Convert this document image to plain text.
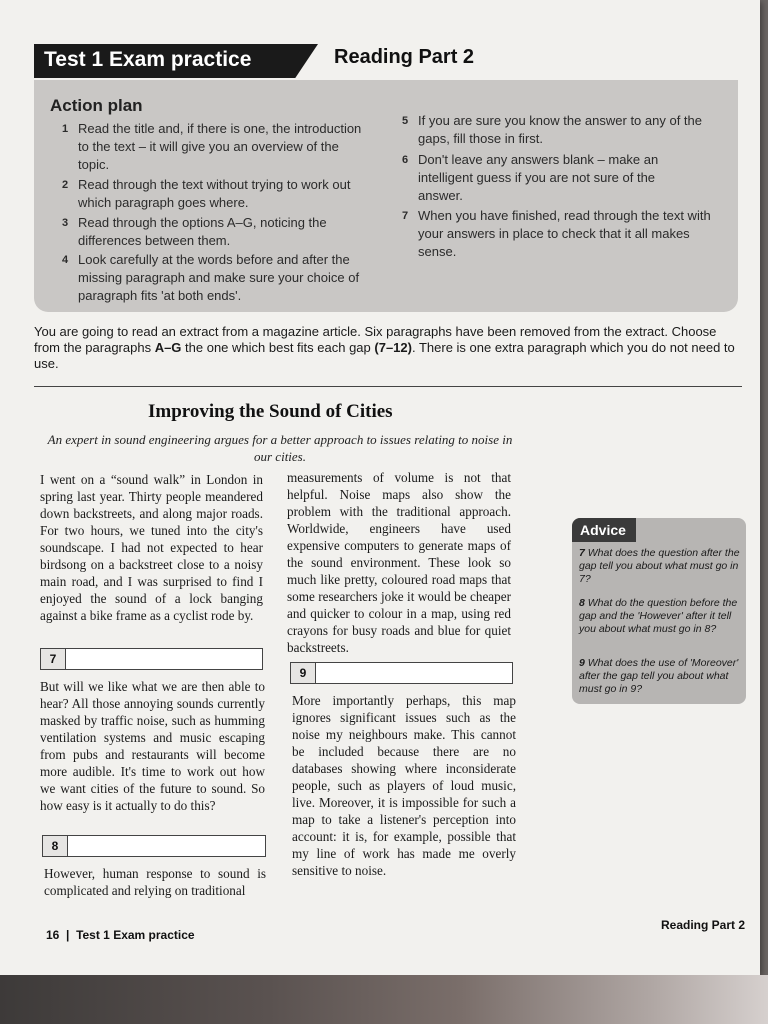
Test 1 Exam practice	Reading Part 2
Action plan
1 Read the title and, if there is one, the introduction to the text – it will give you an overview of the topic.
2 Read through the text without trying to work out which paragraph goes where.
3 Read through the options A–G, noticing the differences between them.
4 Look carefully at the words before and after the missing paragraph and make sure your choice of paragraph fits 'at both ends'.
5 If you are sure you know the answer to any of the gaps, fill those in first.
6 Don't leave any answers blank – make an intelligent guess if you are not sure of the answer.
7 When you have finished, read through the text with your answers in place to check that it all makes sense.
You are going to read an extract from a magazine article. Six paragraphs have been removed from the extract. Choose from the paragraphs A–G the one which best fits each gap (7–12). There is one extra paragraph which you do not need to use.
Improving the Sound of Cities
An expert in sound engineering argues for a better approach to issues relating to noise in our cities.

I went on a “sound walk” in London in spring last year. Thirty people meandered down backstreets, and along major roads. For two hours, we tuned into the city's soundscape. I had not expected to hear birdsong on a backstreet close to a noisy main road, and I was surprised to find I enjoyed the sound of a lock banging against a bike frame as a cyclist rode by.

7

But will we like what we are then able to hear? All those annoying sounds currently masked by traffic noise, such as humming ventilation systems and music escaping from pubs and restaurants will become more audible. It's time to work out how we want cities of the future to sound. So how easy is it actually to do this?

8

However, human response to sound is complicated and relying on traditional

measurements of volume is not that helpful. Noise maps also show the problem with the traditional approach. Worldwide, engineers have used expensive computers to generate maps of the sound environment. These look so much like pretty, coloured road maps that some researchers joke it would be cheaper and quicker to colour in a map, using red crayons for busy roads and blue for quiet backstreets.

9

More importantly perhaps, this map ignores significant issues such as the noise my neighbours make. This cannot be included because there are no databases showing where inconsiderate people, such as players of loud music, live. Moreover, it is impossible for such a map to take a listener's perception into account: it is, for example, possible that my line of work has made me overly sensitive to noise.

Advice
7 What does the question after the gap tell you about what must go in 7?
8 What do the question before the gap and the 'However' after it tell you about what must go in 8?
9 What does the use of 'Moreover' after the gap tell you about what must go in 9?
16 | Test 1 Exam practice
Reading Part 2
